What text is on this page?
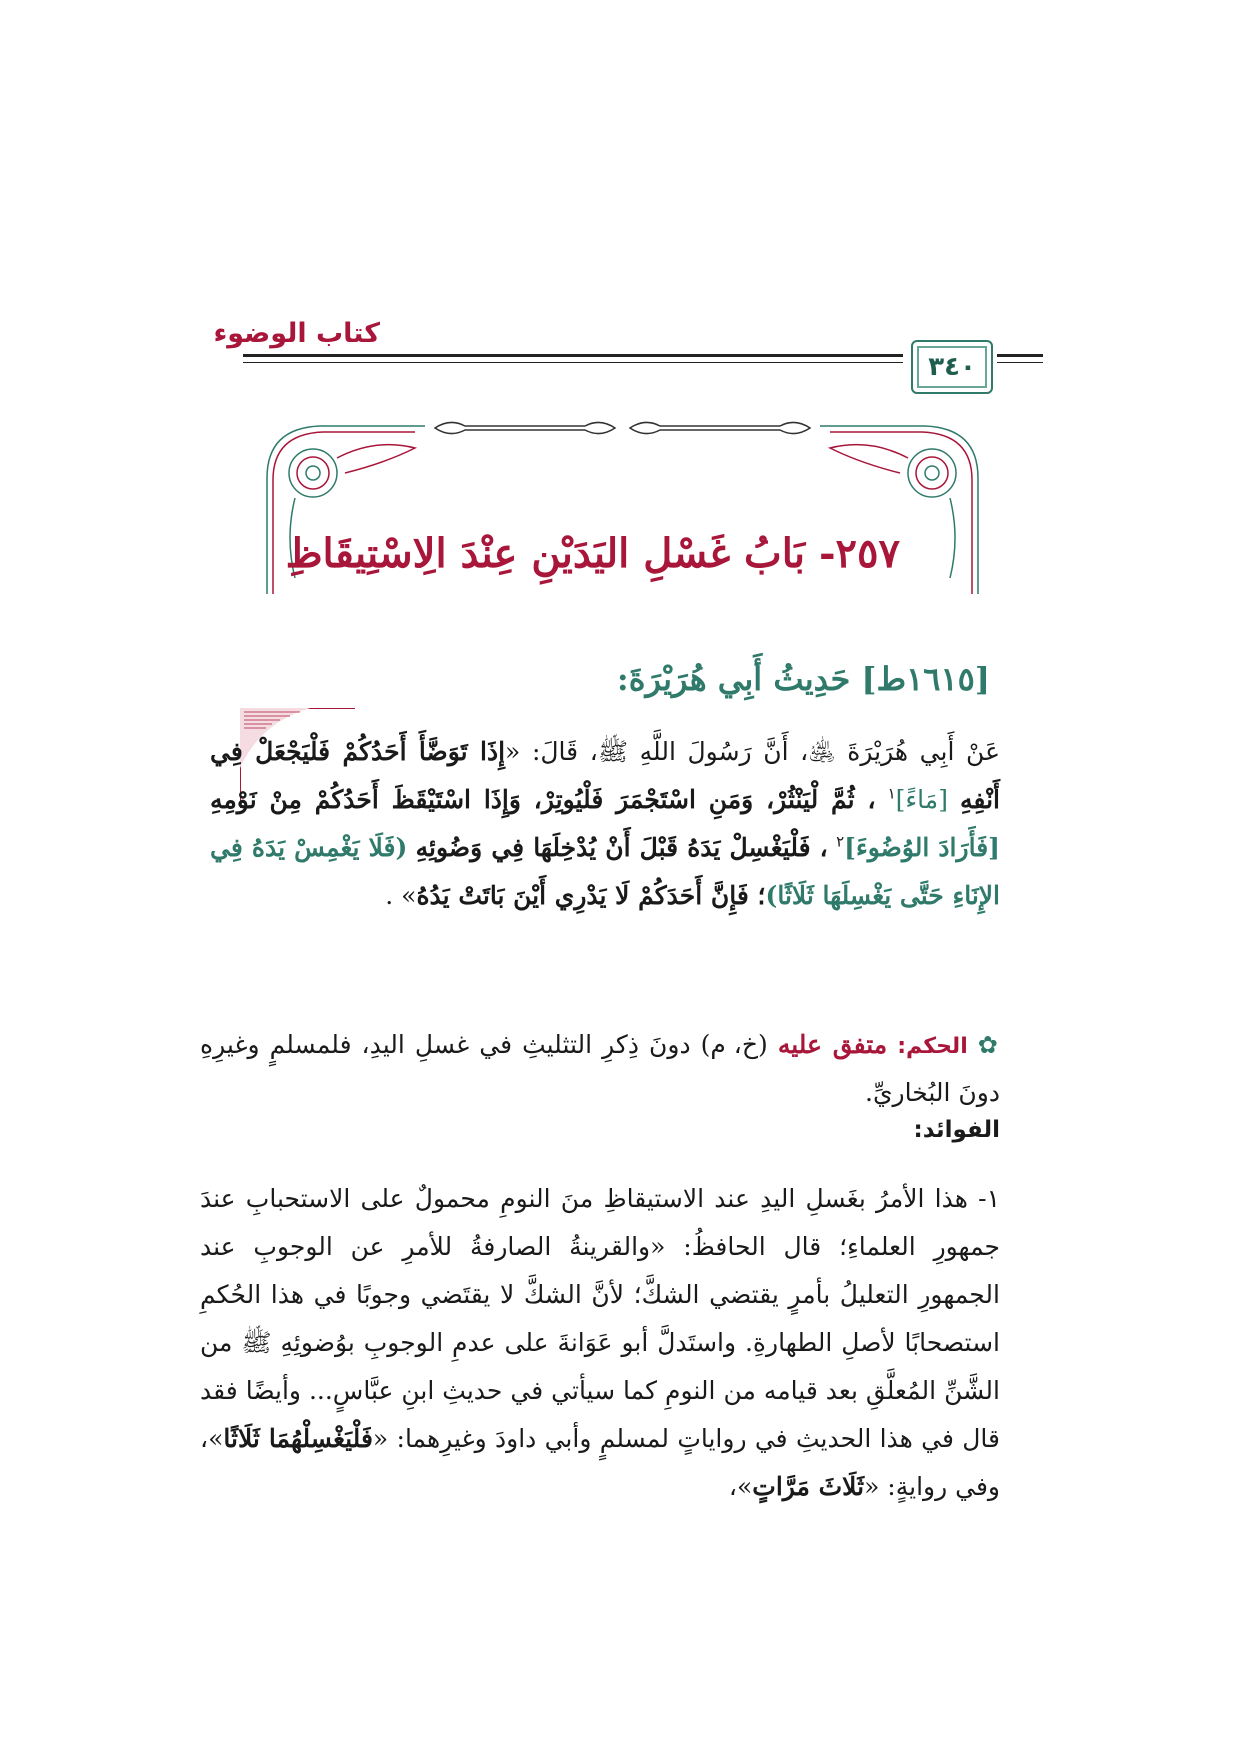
كتاب الوضوء
٣٤٠
٢٥٧- بَابُ غَسْلِ اليَدَيْنِ عِنْدَ الِاسْتِيقَاظِ
[١٦١٥ط] حَدِيثُ أَبِي هُرَيْرَةَ:
عَنْ أَبِي هُرَيْرَةَ ﵁، أَنَّ رَسُولَ اللَّهِ ﷺ، قَالَ: «إِذَا تَوَضَّأَ أَحَدُكُمْ فَلْيَجْعَلْ فِي أَنْفِهِ [مَاءً]$^١$ ، ثُمَّ لْيَنْثُرْ، وَمَنِ اسْتَجْمَرَ فَلْيُوتِرْ، وَإِذَا اسْتَيْقَظَ أَحَدُكُمْ مِنْ نَوْمِهِ [فَأَرَادَ الوُضُوءَ]$^٢$ ، فَلْيَغْسِلْ يَدَهُ قَبْلَ أَنْ يُدْخِلَهَا فِي وَضُوئِهِ (فَلَا يَغْمِسْ يَدَهُ فِي الإِنَاءِ حَتَّى يَغْسِلَهَا ثَلَاثًا)؛ فَإِنَّ أَحَدَكُمْ لَا يَدْرِي أَيْنَ بَاتَتْ يَدُهُ» .
✿ الحكم: متفق عليه (خ، م) دونَ ذِكرِ التثليثِ في غسلِ اليدِ، فلمسلمٍ وغيرِهِ دونَ البُخاريِّ.
الفوائد:
١- هذا الأمرُ بغَسلِ اليدِ عند الاستيقاظِ منَ النومِ محمولٌ على الاستحبابِ عندَ جمهورِ العلماءِ؛ قال الحافظُ: «والقرينةُ الصارفةُ للأمرِ عن الوجوبِ عند الجمهورِ التعليلُ بأمرٍ يقتضي الشكَّ؛ لأنَّ الشكَّ لا يقتَضي وجوبًا في هذا الحُكمِ استصحابًا لأصلِ الطهارةِ. واستَدلَّ أبو عَوَانةَ على عدمِ الوجوبِ بوُضوئِهِ ﷺ من الشَّنِّ المُعلَّقِ بعد قيامه من النومِ كما سيأتي في حديثِ ابنِ عبَّاسٍ... وأيضًا فقد قال في هذا الحديثِ في رواياتٍ لمسلمٍ وأبي داودَ وغيرِهما: «فَلْيَغْسِلْهُمَا ثَلَاثًا»، وفي روايةٍ: «ثَلَاثَ مَرَّاتٍ»،
